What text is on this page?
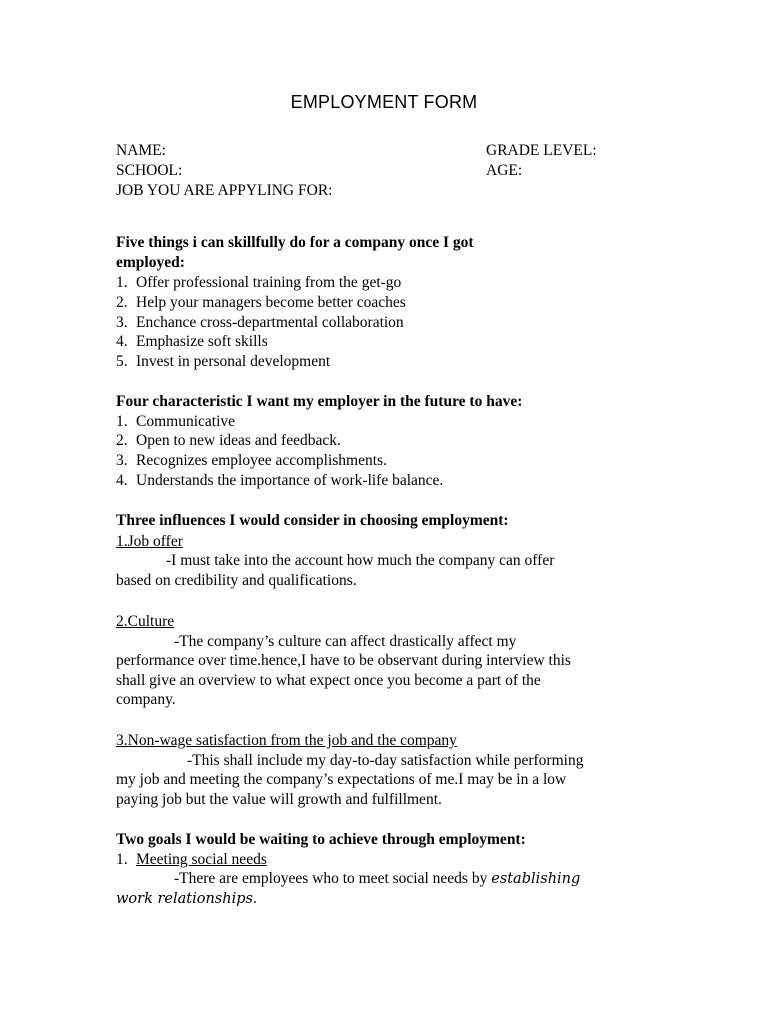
EMPLOYMENT FORM
NAME:	GRADE LEVEL:
SCHOOL:	AGE:
JOB YOU ARE APPYLING FOR:
Five things i can skillfully do for a company once I got
employed:
1. Offer professional training from the get-go
2. Help your managers become better coaches
3. Enchance cross-departmental collaboration
4. Emphasize soft skills
5. Invest in personal development
Four characteristic I want my employer in the future to have:
1. Communicative
2. Open to new ideas and feedback.
3. Recognizes employee accomplishments.
4. Understands the importance of work-life balance.
Three influences I would consider in choosing employment:
1.Job offer
-I must take into the account how much the company can offer
based on credibility and qualifications.
2.Culture
-The company’s culture can affect drastically affect my
performance over time.hence,I have to be observant during interview this
shall give an overview to what expect once you become a part of the
company.
3.Non-wage satisfaction from the job and the company
-This shall include my day-to-day satisfaction while performing
my job and meeting the company’s expectations of me.I may be in a low
paying job but the value will growth and fulfillment.
Two goals I would be waiting to achieve through employment:
1. Meeting social needs
-There are employees who to meet social needs by establishing
work relationships.
